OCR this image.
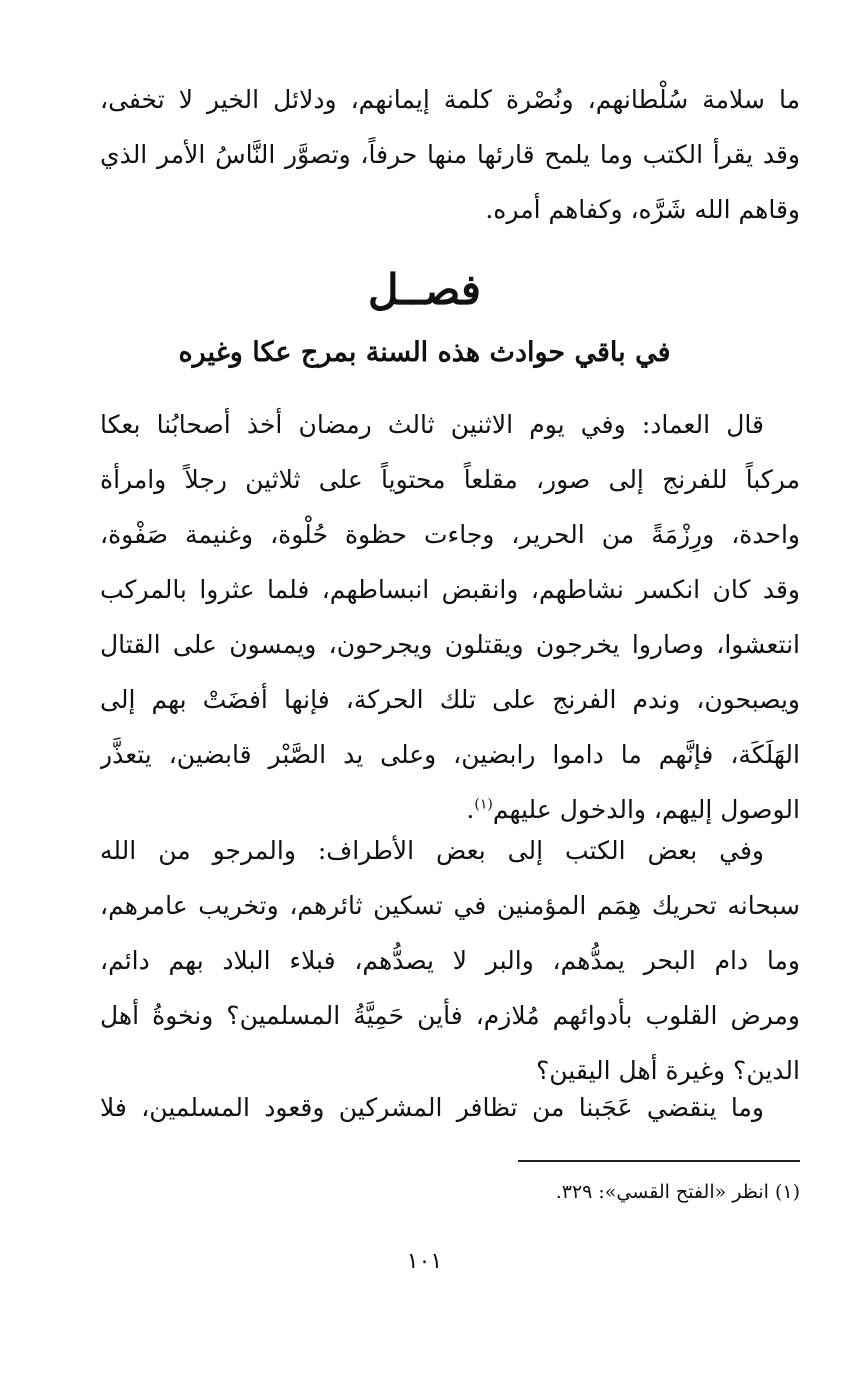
ما سلامة سُلْطانهم، ونُصْرة كلمة إيمانهم، ودلائل الخير لا تخفى،
وقد يقرأ الكتب وما يلمح قارئها منها حرفاً، وتصوَّر النَّاسُ الأمر الذي
وقاهم الله شَرَّه، وكفاهم أمره.
فصــل
في باقي حوادث هذه السنة بمرج عكا وغيره
قال العماد: وفي يوم الاثنين ثالث رمضان أخذ أصحابُنا بعكا
مركباً للفرنج إلى صور، مقلعاً محتوياً على ثلاثين رجلاً وامرأة
واحدة، ورِزْمَةً من الحرير، وجاءت حظوة حُلْوة، وغنيمة صَفْوة،
وقد كان انكسر نشاطهم، وانقبض انبساطهم، فلما عثروا بالمركب
انتعشوا، وصاروا يخرجون ويقتلون ويجرحون، ويمسون على القتال
ويصبحون، وندم الفرنج على تلك الحركة، فإنها أفضَتْ بهم إلى
الهَلَكَة، فإنَّهم ما داموا رابضين، وعلى يد الصَّبْر قابضين، يتعذَّر
الوصول إليهم، والدخول عليهم$^{(١)}$.
وفي بعض الكتب إلى بعض الأطراف: والمرجو من الله
سبحانه تحريك هِمَم المؤمنين في تسكين ثائرهم، وتخريب عامرهم،
وما دام البحر يمدُّهم، والبر لا يصدُّهم، فبلاء البلاد بهم دائم،
ومرض القلوب بأدوائهم مُلازم، فأين حَمِيَّةُ المسلمين؟ ونخوةُ أهل
الدين؟ وغيرة أهل اليقين؟
وما ينقضي عَجَبنا من تظافر المشركين وقعود المسلمين، فلا
(١) انظر «الفتح القسي»: ٣٢٩.
١٠١
